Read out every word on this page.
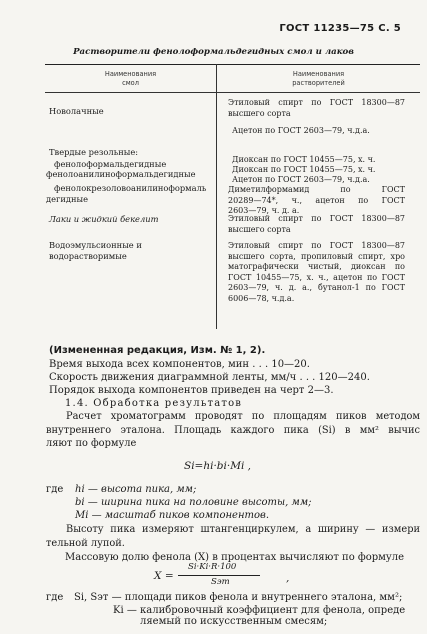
ГОСТ 11235—75 С. 5
Растворители фенолоформальдегидных смол и лаков
Наименования
смол
Наименования
растворителей
Новолачные
Твердые резольные:
фенолоформальдегидные
фенолоанилиноформальдегидные
фенолокрезоловоанилиноформаль
дегидные
Лаки и жидкий бекелит
Водоэмульсионные и водорастворимые
Этиловый спирт по ГОСТ 18300—87
высшего сорта
Ацетон по ГОСТ 2603—79, ч.д.а.
Диоксан по ГОСТ 10455—75, х. ч.
Диоксан по ГОСТ 10455—75, х. ч.
Ацетон по ГОСТ 2603—79, ч.д.а.
Диметилформамид по ГОСТ
20289—74*, ч., ацетон по ГОСТ
2603—79, ч. д. а.
Этиловый спирт по ГОСТ 18300—87
высшего сорта
Этиловый спирт по ГОСТ 18300—87
высшего сорта, пропиловый спирт, хро
матографически чистый, диоксан по
ГОСТ 10455—75, х. ч., ацетон по ГОСТ
2603—79, ч. д. а., бутанол-1 по ГОСТ
6006—78, ч.д.а.
(Измененная редакция, Изм. № 1, 2).
Время выхода всех компонентов, мин . . . 10—20.
Скорость движения диаграммной ленты, мм/ч . . . 120—240.
Порядок выхода компонентов приведен на черт 2—3.
1.4. Обработка результатов
Расчет хроматограмм проводят по площадям пиков методом
внутреннего эталона. Площадь каждого пика (Si) в мм² вычис
ляют по формуле
Si=hi·bi·Mi ,
где hi — высота пика, мм;
bi — ширина пика на половине высоты, мм;
Mi — масштаб пиков компонентов.
Высоту пика измеряют штангенциркулем, а ширину — измери
тельной лупой.
Массовую долю фенола (X) в процентах вычисляют по формуле
X =
Si·Ki·R·100
Sэт	,
где Si, Sэт — площади пиков фенола и внутреннего эталона, мм²;
Ki — калибровочный коэффициент для фенола, опреде
ляемый по искусственным смесям;
